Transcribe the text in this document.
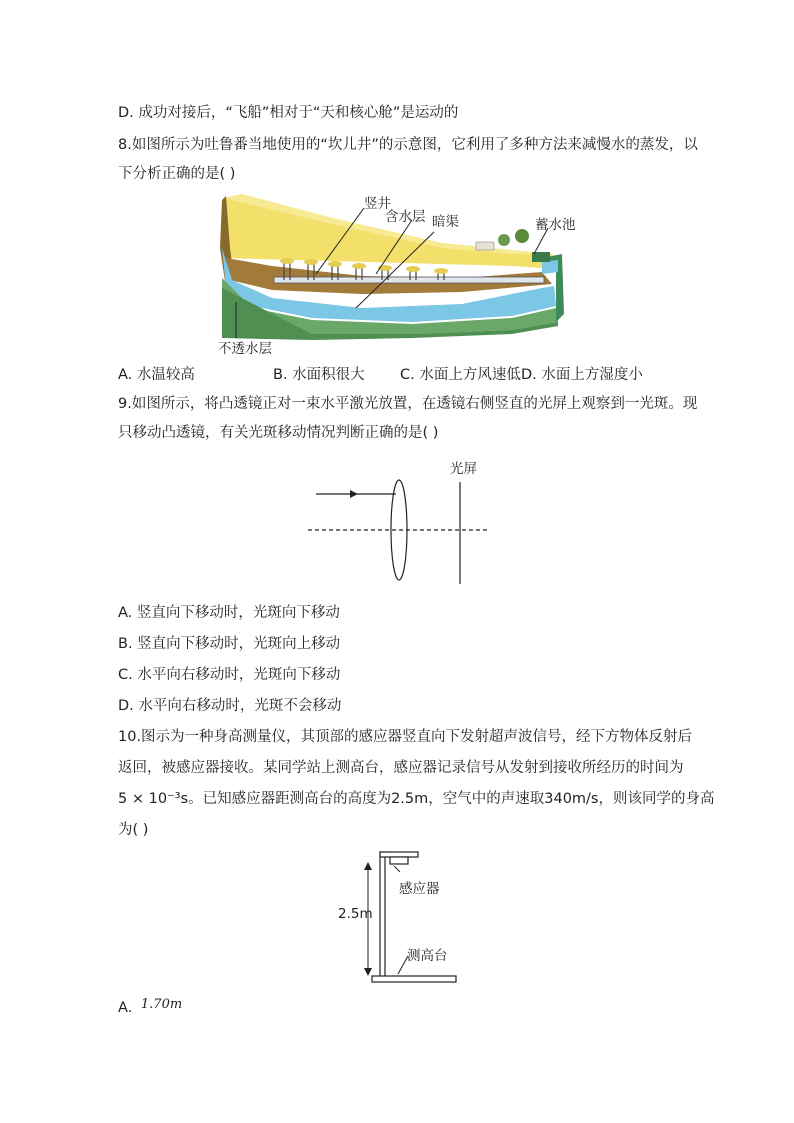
D. 成功对接后，“飞船”相对于“天和核心舱”是运动的
8.如图所示为吐鲁番当地使用的“坎儿井”的示意图，它利用了多种方法来减慢水的蒸发，以
下分析正确的是( )
竖井
含水层 暗渠	蓄水池
不透水层
A. 水温较高	B. 水面积很大 C. 水面上方风速低 D. 水面上方湿度小
9.如图所示，将凸透镜正对一束水平激光放置，在透镜右侧竖直的光屏上观察到一光斑。现
只移动凸透镜，有关光斑移动情况判断正确的是( )
光屏
A. 竖直向下移动时，光斑向下移动
B. 竖直向下移动时，光斑向上移动
C. 水平向右移动时，光斑向下移动
D. 水平向右移动时，光斑不会移动
10.图示为一种身高测量仪，其顶部的感应器竖直向下发射超声波信号，经下方物体反射后
返回，被感应器接收。某同学站上测高台，感应器记录信号从发射到接收所经历的时间为
5 × 10⁻³s。已知感应器距测高台的高度为2.5m，空气中的声速取340m/s，则该同学的身高
为( )
感应器
2.5m
测高台
A. 1.70m
